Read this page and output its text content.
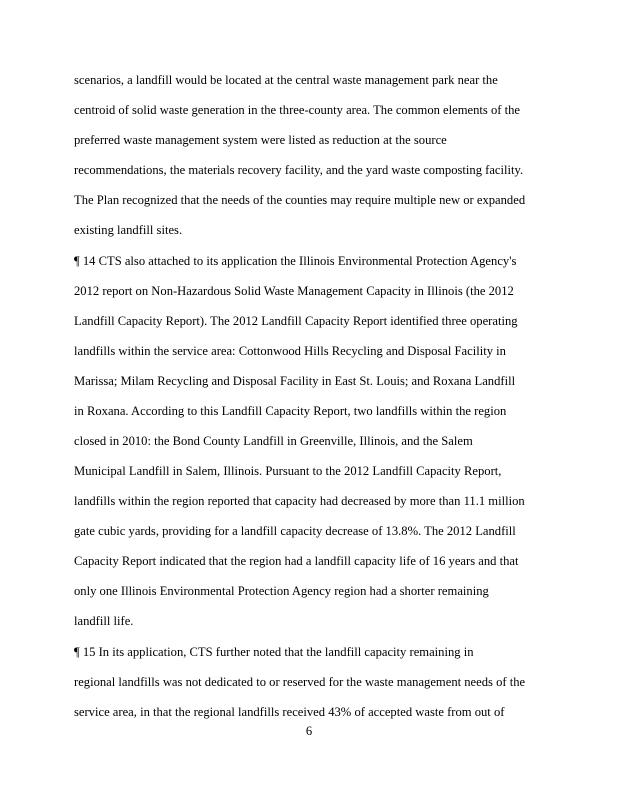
scenarios, a landfill would be located at the central waste management park near the
centroid of solid waste generation in the three-county area. The common elements of the
preferred waste management system were listed as reduction at the source
recommendations, the materials recovery facility, and the yard waste composting facility.
The Plan recognized that the needs of the counties may require multiple new or expanded
existing landfill sites.
¶ 14 CTS also attached to its application the Illinois Environmental Protection Agency's
2012 report on Non-Hazardous Solid Waste Management Capacity in Illinois (the 2012
Landfill Capacity Report). The 2012 Landfill Capacity Report identified three operating
landfills within the service area: Cottonwood Hills Recycling and Disposal Facility in
Marissa; Milam Recycling and Disposal Facility in East St. Louis; and Roxana Landfill
in Roxana. According to this Landfill Capacity Report, two landfills within the region
closed in 2010: the Bond County Landfill in Greenville, Illinois, and the Salem
Municipal Landfill in Salem, Illinois. Pursuant to the 2012 Landfill Capacity Report,
landfills within the region reported that capacity had decreased by more than 11.1 million
gate cubic yards, providing for a landfill capacity decrease of 13.8%. The 2012 Landfill
Capacity Report indicated that the region had a landfill capacity life of 16 years and that
only one Illinois Environmental Protection Agency region had a shorter remaining
landfill life.
¶ 15 In its application, CTS further noted that the landfill capacity remaining in
regional landfills was not dedicated to or reserved for the waste management needs of the
service area, in that the regional landfills received 43% of accepted waste from out of
6
